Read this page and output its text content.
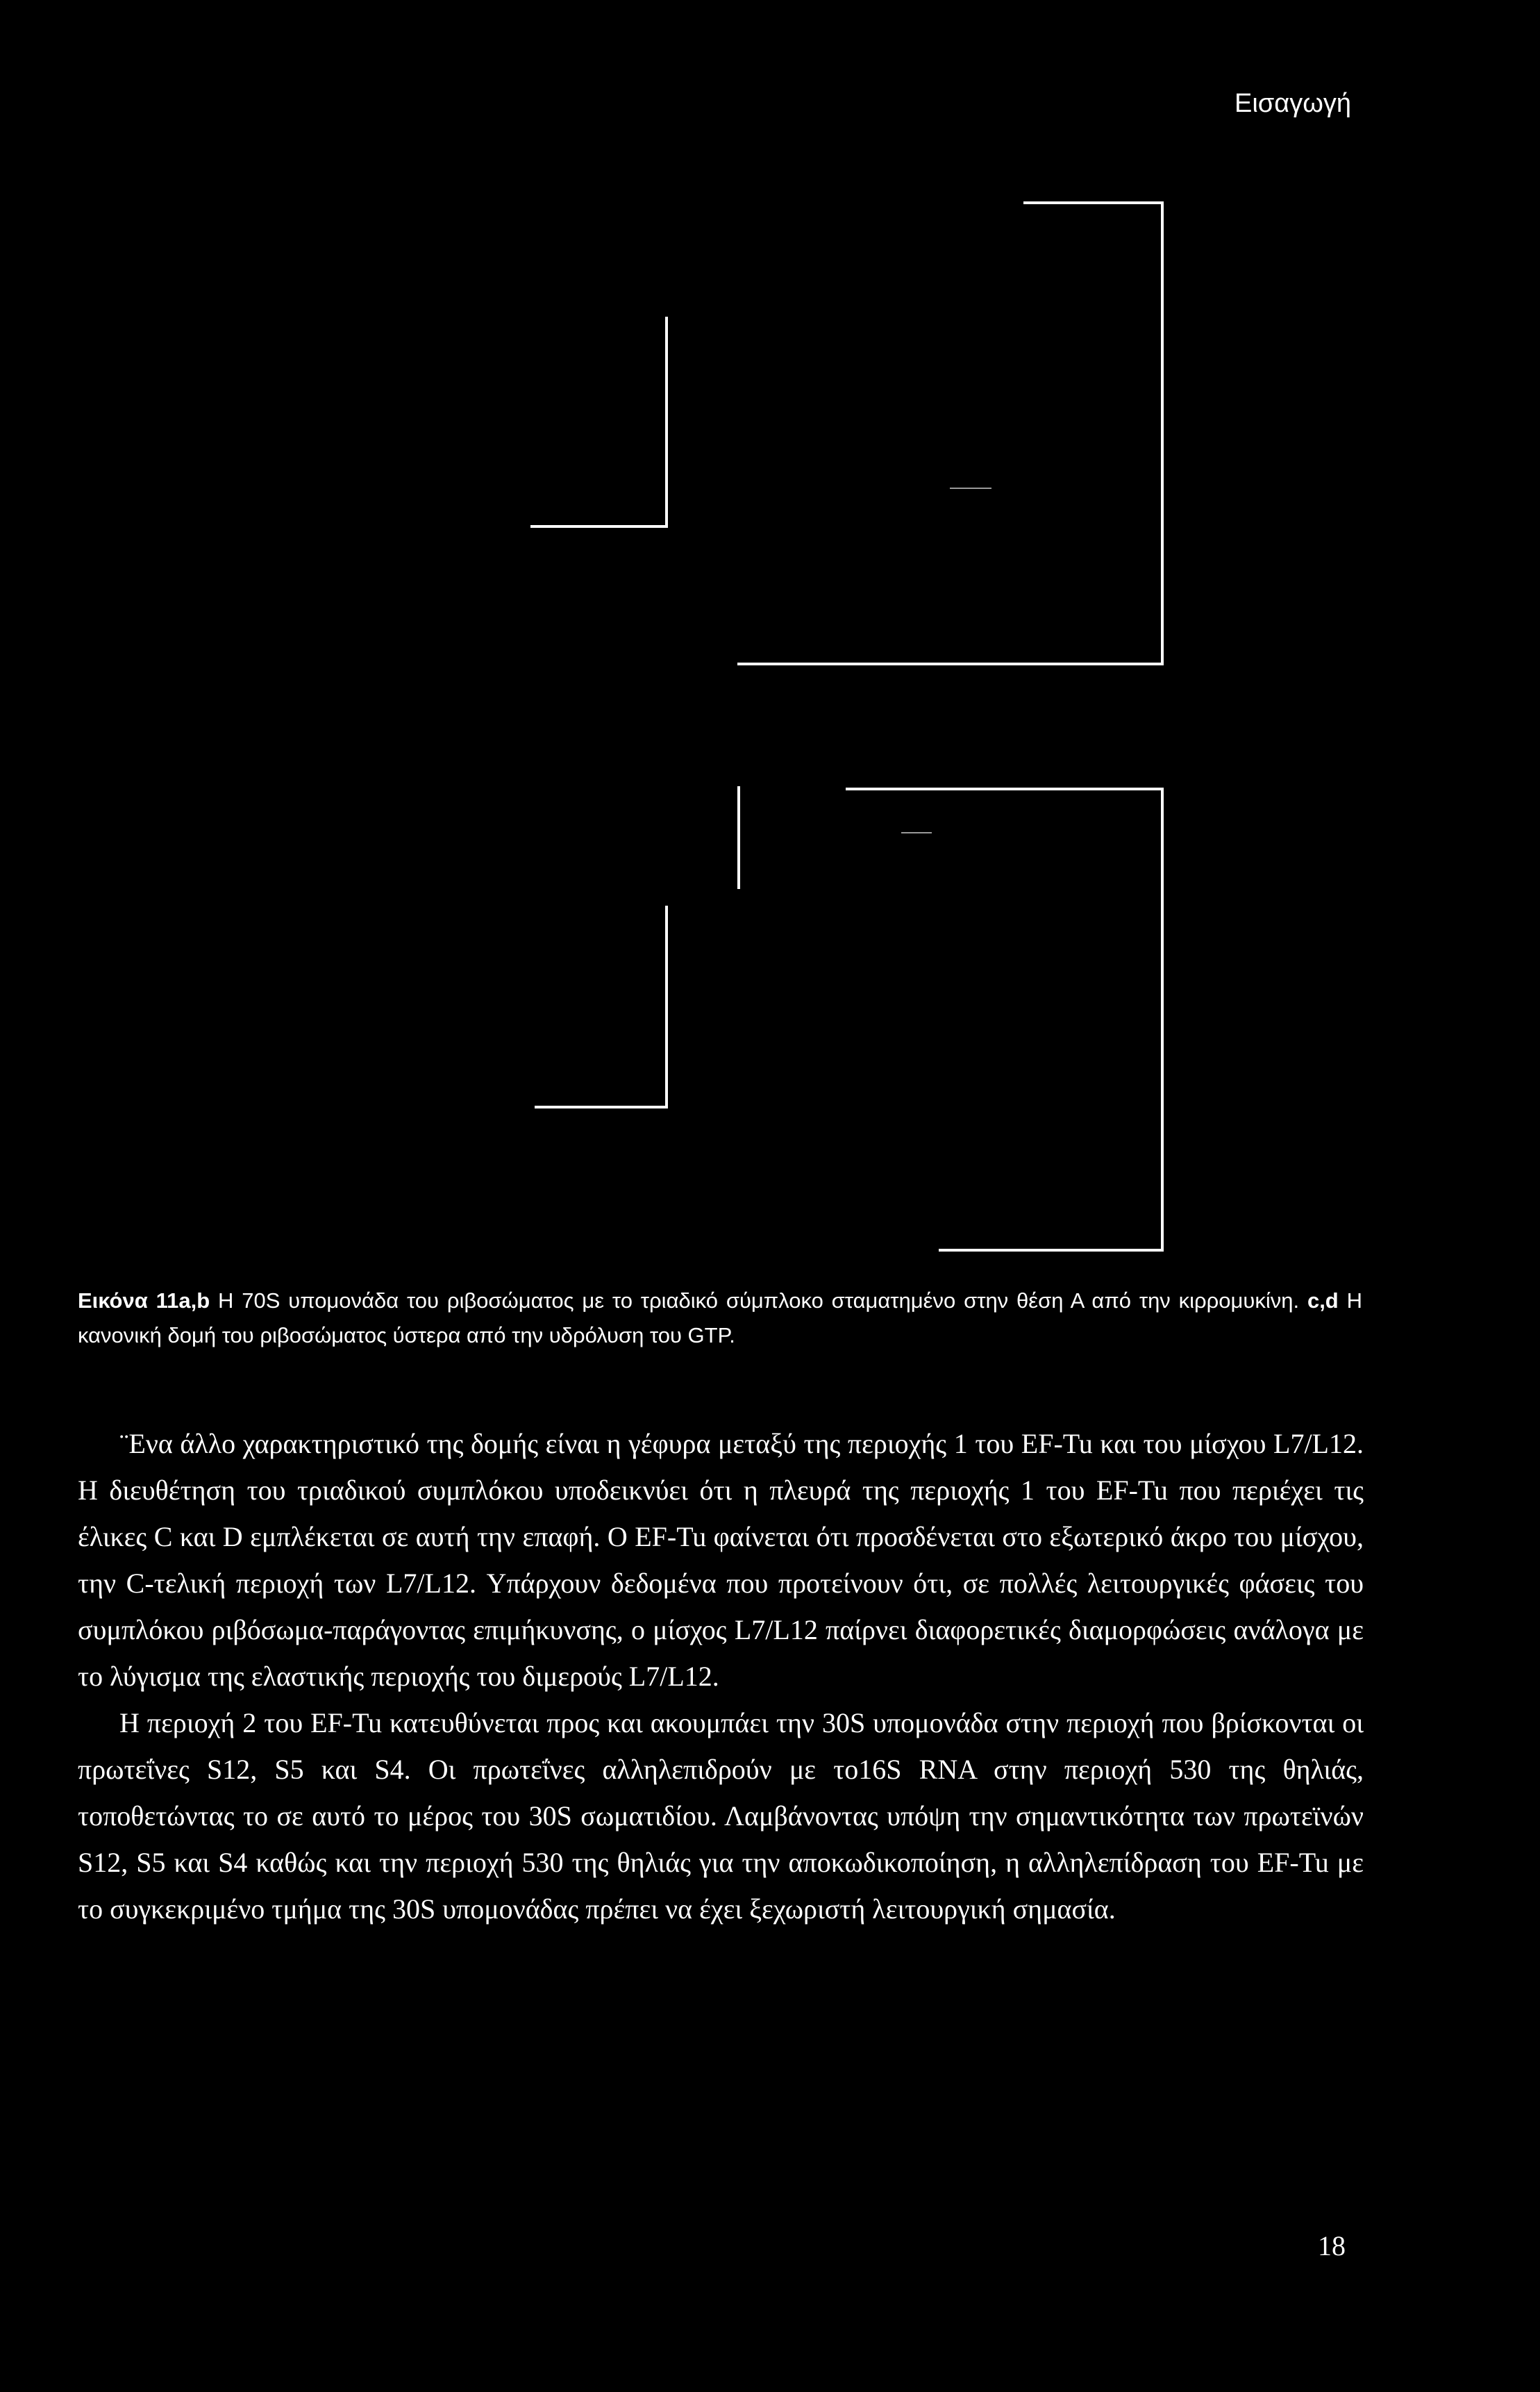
Εισαγωγή
Εικόνα 11a,b Η 70S υπομονάδα του ριβοσώματος με το τριαδικό σύμπλοκο σταματημένο στην θέση Α από την κιρρομυκίνη. c,d Η κανονική δομή του ριβοσώματος ύστερα από την υδρόλυση του GTP.

¨Ενα άλλο χαρακτηριστικό της δομής είναι η γέφυρα μεταξύ της περιοχής 1 του EF-Tu και του μίσχου L7/L12. Η διευθέτηση του τριαδικού συμπλόκου υποδεικνύει ότι η πλευρά της περιοχής 1 του EF-Tu που περιέχει τις έλικες C και D εμπλέκεται σε αυτή την επαφή. O EF-Tu φαίνεται ότι προσδένεται στο εξωτερικό άκρο του μίσχου, την C-τελική περιοχή των L7/L12. Υπάρχουν δεδομένα που προτείνουν ότι, σε πολλές λειτουργικές φάσεις του συμπλόκου ριβόσωμα-παράγοντας επιμήκυνσης, ο μίσχος L7/L12 παίρνει διαφορετικές διαμορφώσεις ανάλογα με το λύγισμα της ελαστικής περιοχής του διμερούς L7/L12.

Η περιοχή 2 του EF-Tu κατευθύνεται προς και ακουμπάει την 30S υπομονάδα στην περιοχή που βρίσκονται οι πρωτεΐνες S12, S5 και S4. Οι πρωτεΐνες αλληλεπιδρούν με το16S RNA στην περιοχή 530 της θηλιάς, τοποθετώντας το σε αυτό το μέρος του 30S σωματιδίου. Λαμβάνοντας υπόψη την σημαντικότητα των πρωτεϊνών S12, S5 και S4 καθώς και την περιοχή 530 της θηλιάς για την αποκωδικοποίηση, η αλληλεπίδραση του EF-Tu με το συγκεκριμένο τμήμα της 30S υπομονάδας πρέπει να έχει ξεχωριστή λειτουργική σημασία.

18
